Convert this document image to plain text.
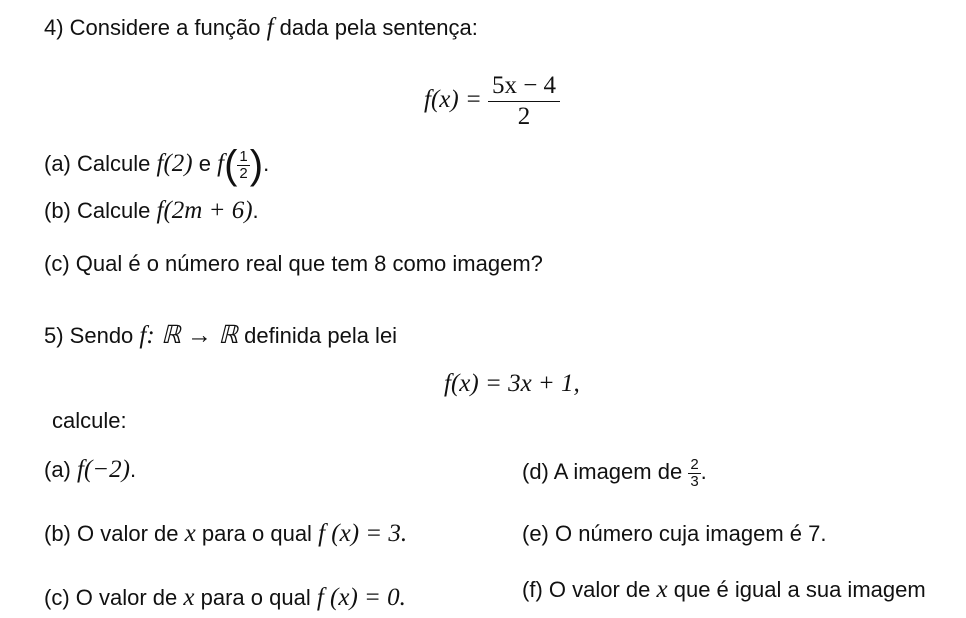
4) Considere a função f dada pela sentença:
$f(x) = \frac{5x - 4}{2}$
(a) Calcule f(2) e $f( \frac{1}{2}$ ).
(b) Calcule f(2m + 6).
(c) Qual é o número real que tem 8 como imagem?
5) Sendo f: ℝ → ℝ definida pela lei
f(x) = 3x + 1,
calcule:
(a) f(−2).	(d) A imagem de $\frac{2}{3}$ .
(b) O valor de x para o qual f (x) = 3.	(e) O número cuja imagem é 7.
(c) O valor de x para o qual f (x) = 0.	(f) O valor de x que é igual a sua imagem
